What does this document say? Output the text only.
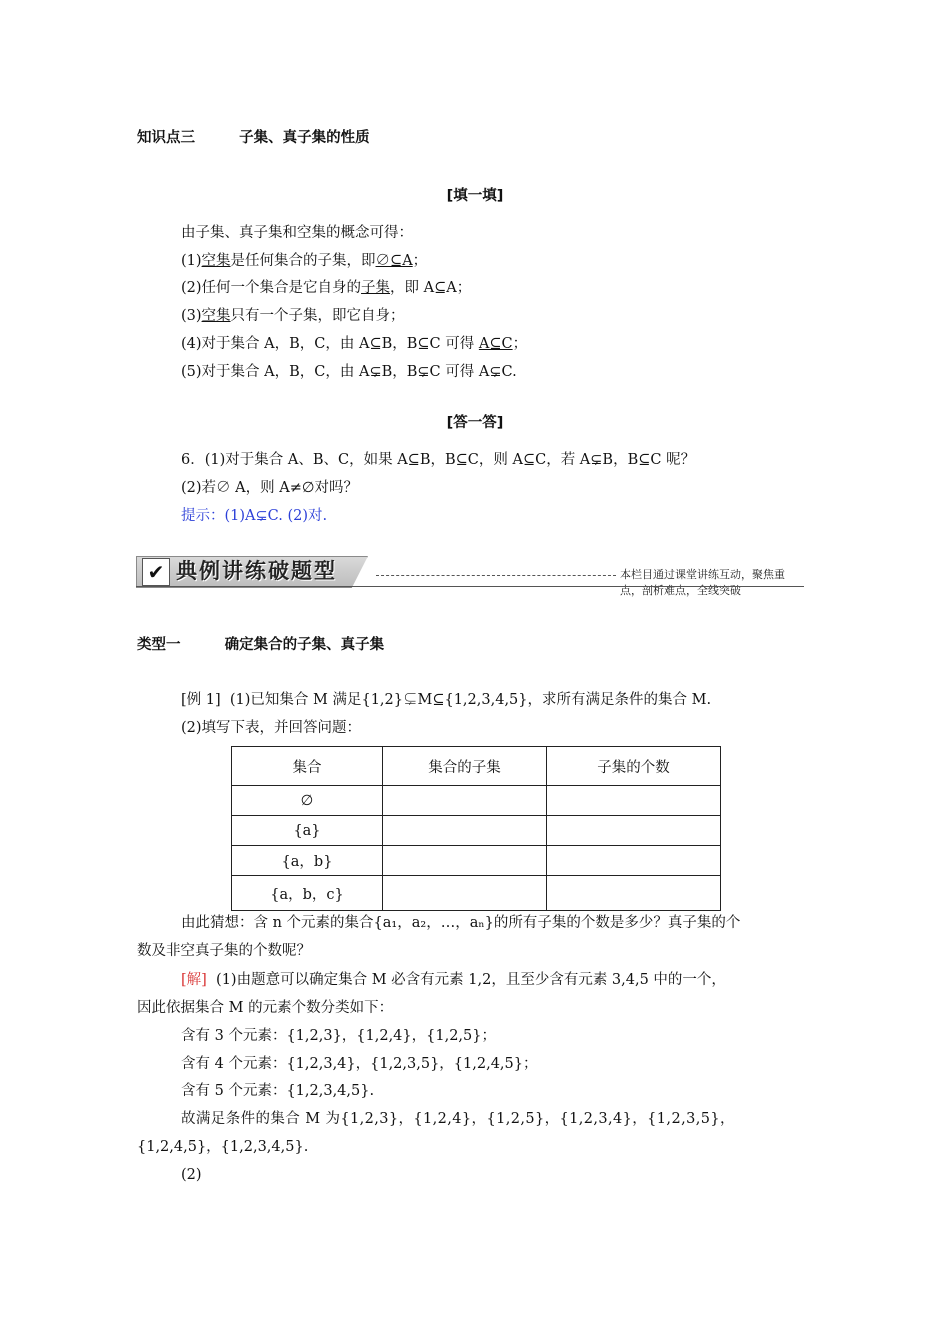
知识点三	子集、真子集的性质
[填一填]
由子集、真子集和空集的概念可得：
(1)空集是任何集合的子集，即∅⊆A；
(2)任何一个集合是它自身的子集，即 A⊆A；
(3)空集只有一个子集，即它自身；
(4)对于集合 A，B，C，由 A⊆B，B⊆C 可得 A⊆C；
(5)对于集合 A，B，C，由 A⊊B，B⊊C 可得 A⊊C.
[答一答]
6．(1)对于集合 A、B、C，如果 A⊆B，B⊆C，则 A⊆C，若 A⊊B，B⊆C 呢？
(2)若∅ A，则 A≠∅对吗？
提示：(1)A⊊C. (2)对.
✔ 典例讲练破题型	本栏目通过课堂讲练互动，聚焦重点，剖析难点，全线突破
类型一	确定集合的子集、真子集
[例 1] (1)已知集合 M 满足{1,2}⊊M⊆{1,2,3,4,5}，求所有满足条件的集合 M.
(2)填写下表，并回答问题：
集合	集合的子集	子集的个数
∅		
{a}		
{a，b}		
{a，b，c}		
由此猜想：含 n 个元素的集合{a₁，a₂，…，aₙ}的所有子集的个数是多少？真子集的个
数及非空真子集的个数呢？
[解] (1)由题意可以确定集合 M 必含有元素 1,2，且至少含有元素 3,4,5 中的一个，
因此依据集合 M 的元素个数分类如下：
含有 3 个元素：{1,2,3}，{1,2,4}，{1,2,5}；
含有 4 个元素：{1,2,3,4}，{1,2,3,5}，{1,2,4,5}；
含有 5 个元素：{1,2,3,4,5}.
故满足条件的集合 M 为{1,2,3}，{1,2,4}，{1,2,5}，{1,2,3,4}，{1,2,3,5}，
{1,2,4,5}，{1,2,3,4,5}.
(2)
